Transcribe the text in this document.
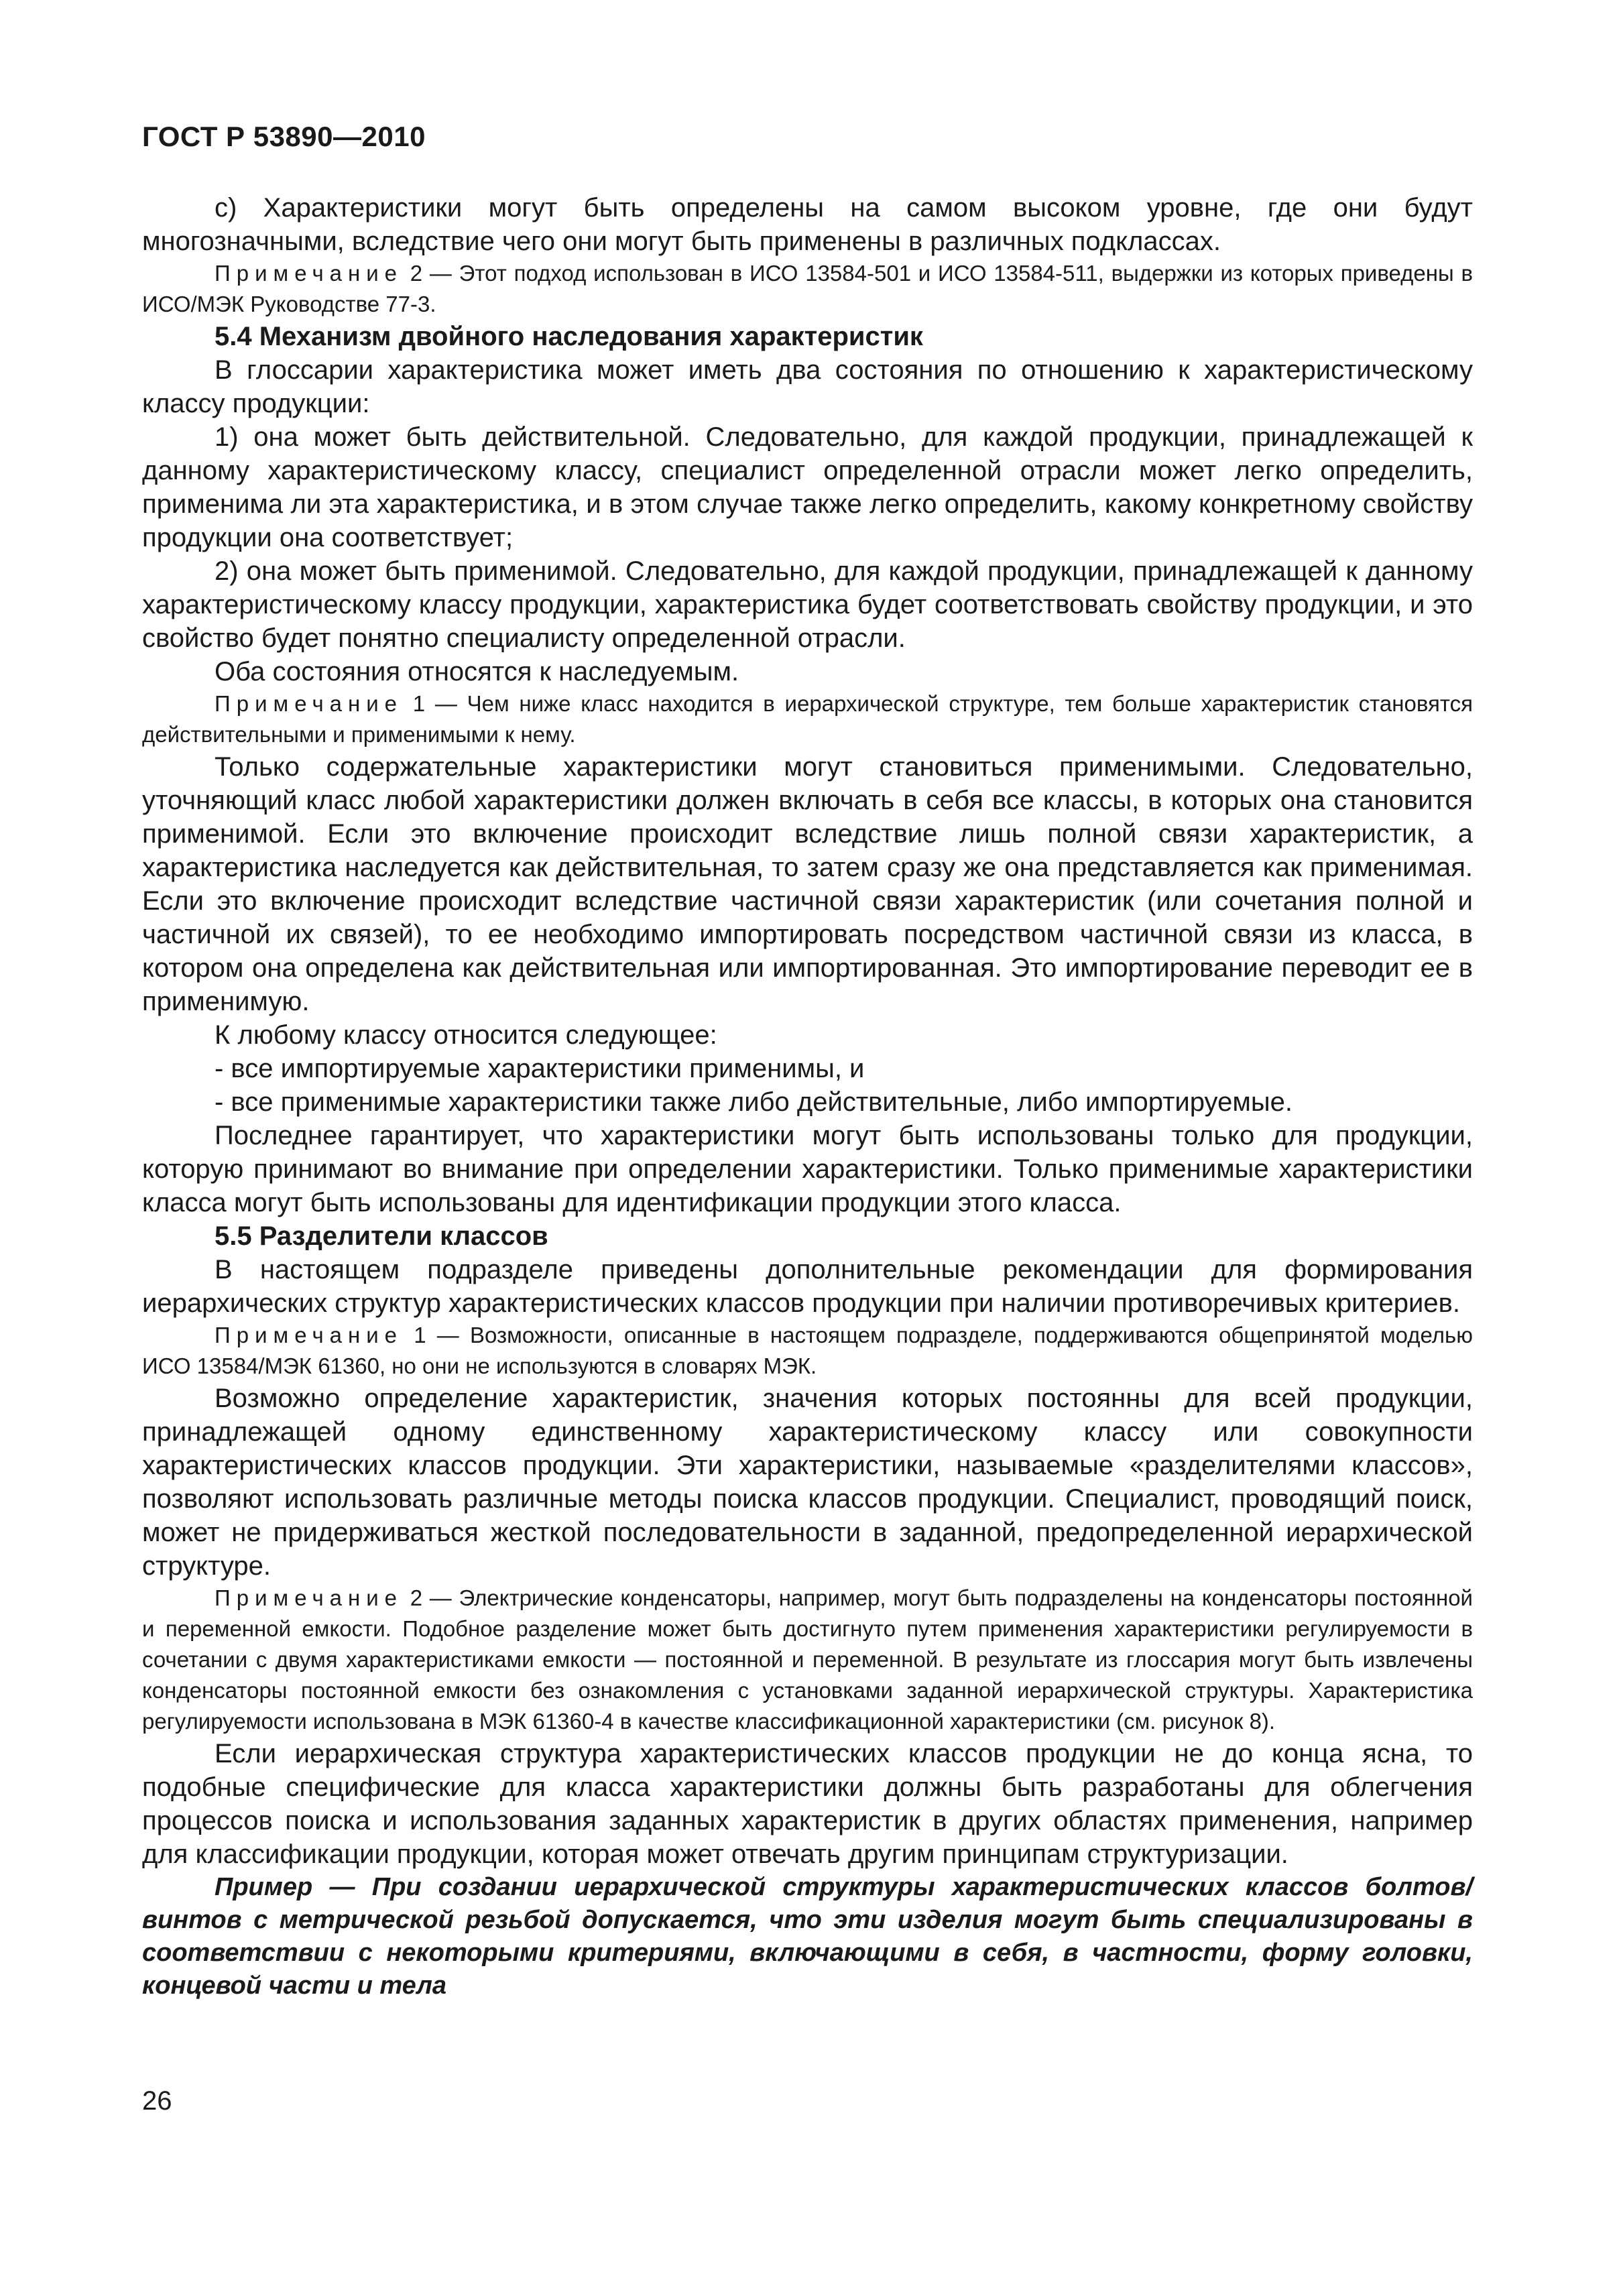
ГОСТ Р 53890—2010

с) Характеристики могут быть определены на самом высоком уровне, где они будут многозначными, вследствие чего они могут быть применены в различных подклассах.

Примечание 2 — Этот подход использован в ИСО 13584-501 и ИСО 13584-511, выдержки из которых приведены в ИСО/МЭК Руководстве 77-3.

5.4 Механизм двойного наследования характеристик

В глоссарии характеристика может иметь два состояния по отношению к характеристическому классу продукции:

1) она может быть действительной. Следовательно, для каждой продукции, принадлежащей к данному характеристическому классу, специалист определенной отрасли может легко определить, применима ли эта характеристика, и в этом случае также легко определить, какому конкретному свойству продукции она соответствует;

2) она может быть применимой. Следовательно, для каждой продукции, принадлежащей к данному характеристическому классу продукции, характеристика будет соответствовать свойству продукции, и это свойство будет понятно специалисту определенной отрасли.

Оба состояния относятся к наследуемым.

Примечание 1 — Чем ниже класс находится в иерархической структуре, тем больше характеристик становятся действительными и применимыми к нему.

Только содержательные характеристики могут становиться применимыми. Следовательно, уточняющий класс любой характеристики должен включать в себя все классы, в которых она становится применимой. Если это включение происходит вследствие лишь полной связи характеристик, а характеристика наследуется как действительная, то затем сразу же она представляется как применимая. Если это включение происходит вследствие частичной связи характеристик (или сочетания полной и частичной их связей), то ее необходимо импортировать посредством частичной связи из класса, в котором она определена как действительная или импортированная. Это импортирование переводит ее в применимую.

К любому классу относится следующее:

- все импортируемые характеристики применимы, и

- все применимые характеристики также либо действительные, либо импортируемые.

Последнее гарантирует, что характеристики могут быть использованы только для продукции, которую принимают во внимание при определении характеристики. Только применимые характеристики класса могут быть использованы для идентификации продукции этого класса.

5.5 Разделители классов

В настоящем подразделе приведены дополнительные рекомендации для формирования иерархических структур характеристических классов продукции при наличии противоречивых критериев.

Примечание 1 — Возможности, описанные в настоящем подразделе, поддерживаются общепринятой моделью ИСО 13584/МЭК 61360, но они не используются в словарях МЭК.

Возможно определение характеристик, значения которых постоянны для всей продукции, принадлежащей одному единственному характеристическому классу или совокупности характеристических классов продукции. Эти характеристики, называемые «разделителями классов», позволяют использовать различные методы поиска классов продукции. Специалист, проводящий поиск, может не придерживаться жесткой последовательности в заданной, предопределенной иерархической структуре.

Примечание 2 — Электрические конденсаторы, например, могут быть подразделены на конденсаторы постоянной и переменной емкости. Подобное разделение может быть достигнуто путем применения характеристики регулируемости в сочетании с двумя характеристиками емкости — постоянной и переменной. В результате из глоссария могут быть извлечены конденсаторы постоянной емкости без ознакомления с установками заданной иерархической структуры. Характеристика регулируемости использована в МЭК 61360-4 в качестве классификационной характеристики (см. рисунок 8).

Если иерархическая структура характеристических классов продукции не до конца ясна, то подобные специфические для класса характеристики должны быть разработаны для облегчения процессов поиска и использования заданных характеристик в других областях применения, например для классификации продукции, которая может отвечать другим принципам структуризации.

Пример — При создании иерархической структуры характеристических классов болтов/винтов с метрической резьбой допускается, что эти изделия могут быть специализированы в соответствии с некоторыми критериями, включающими в себя, в частности, форму головки, концевой части и тела

26
